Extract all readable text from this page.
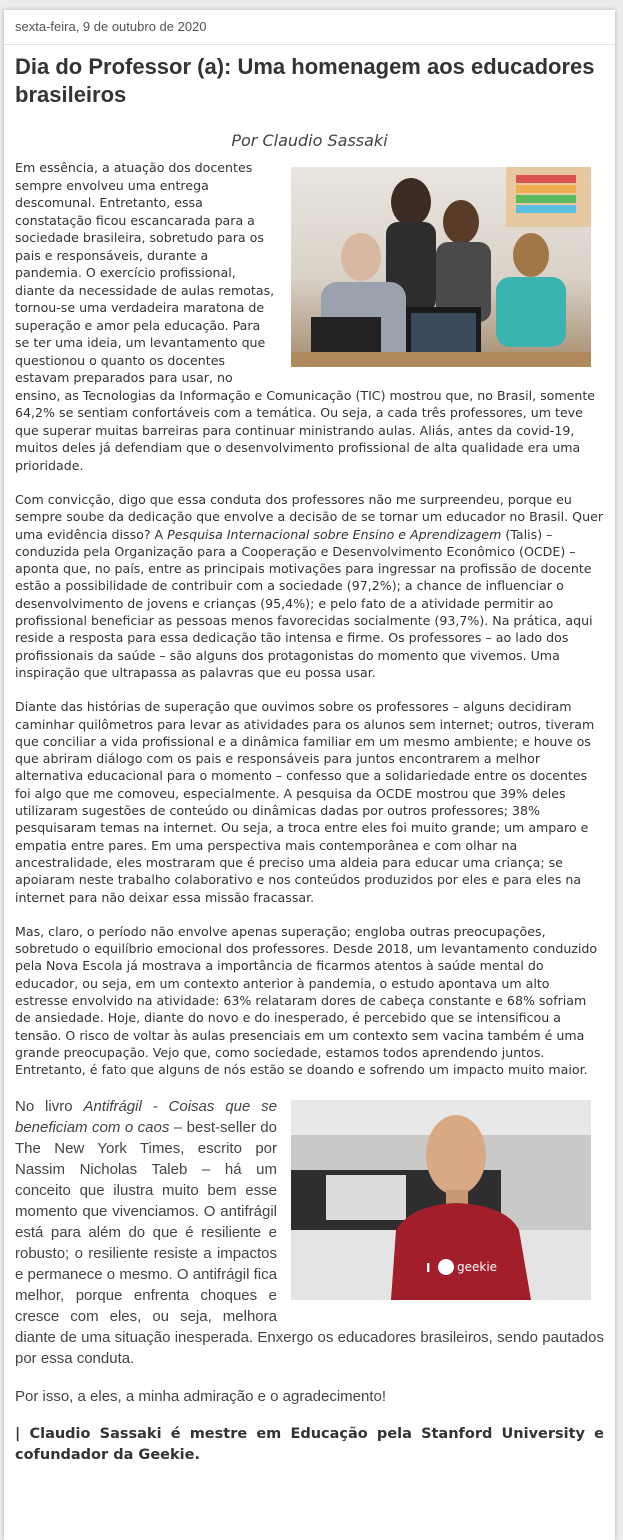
sexta-feira, 9 de outubro de 2020
Dia do Professor (a): Uma homenagem aos educadores brasileiros
Por Claudio Sassaki

Em essência, a atuação dos docentes sempre envolveu uma entrega descomunal. Entretanto, essa constatação ficou escancarada para a sociedade brasileira, sobretudo para os pais e responsáveis, durante a pandemia. O exercício profissional, diante da necessidade de aulas remotas, tornou-se uma verdadeira maratona de superação e amor pela educação. Para se ter uma ideia, um levantamento que questionou o quanto os docentes estavam preparados para usar, no ensino, as Tecnologias da Informação e Comunicação (TIC) mostrou que, no Brasil, somente 64,2% se sentiam confortáveis com a temática. Ou seja, a cada três professores, um teve que superar muitas barreiras para continuar ministrando aulas. Aliás, antes da covid-19, muitos deles já defendiam que o desenvolvimento profissional de alta qualidade era uma prioridade.

Com convicção, digo que essa conduta dos professores não me surpreendeu, porque eu sempre soube da dedicação que envolve a decisão de se tornar um educador no Brasil. Quer uma evidência disso? A Pesquisa Internacional sobre Ensino e Aprendizagem (Talis) – conduzida pela Organização para a Cooperação e Desenvolvimento Econômico (OCDE) – aponta que, no país, entre as principais motivações para ingressar na profissão de docente estão a possibilidade de contribuir com a sociedade (97,2%); a chance de influenciar o desenvolvimento de jovens e crianças (95,4%); e pelo fato de a atividade permitir ao profissional beneficiar as pessoas menos favorecidas socialmente (93,7%). Na prática, aqui reside a resposta para essa dedicação tão intensa e firme. Os professores – ao lado dos profissionais da saúde – são alguns dos protagonistas do momento que vivemos. Uma inspiração que ultrapassa as palavras que eu possa usar.

Diante das histórias de superação que ouvimos sobre os professores – alguns decidiram caminhar quilômetros para levar as atividades para os alunos sem internet; outros, tiveram que conciliar a vida profissional e a dinâmica familiar em um mesmo ambiente; e houve os que abriram diálogo com os pais e responsáveis para juntos encontrarem a melhor alternativa educacional para o momento – confesso que a solidariedade entre os docentes foi algo que me comoveu, especialmente. A pesquisa da OCDE mostrou que 39% deles utilizaram sugestões de conteúdo ou dinâmicas dadas por outros professores; 38% pesquisaram temas na internet. Ou seja, a troca entre eles foi muito grande; um amparo e empatia entre pares. Em uma perspectiva mais contemporânea e com olhar na ancestralidade, eles mostraram que é preciso uma aldeia para educar uma criança; se apoiaram neste trabalho colaborativo e nos conteúdos produzidos por eles e para eles na internet para não deixar essa missão fracassar.

Mas, claro, o período não envolve apenas superação; engloba outras preocupações, sobretudo o equilíbrio emocional dos professores. Desde 2018, um levantamento conduzido pela Nova Escola já mostrava a importância de ficarmos atentos à saúde mental do educador, ou seja, em um contexto anterior à pandemia, o estudo apontava um alto estresse envolvido na atividade: 63% relataram dores de cabeça constante e 68% sofriam de ansiedade. Hoje, diante do novo e do inesperado, é percebido que se intensificou a tensão. O risco de voltar às aulas presenciais em um contexto sem vacina também é uma grande preocupação. Vejo que, como sociedade, estamos todos aprendendo juntos. Entretanto, é fato que alguns de nós estão se doando e sofrendo um impacto muito maior.

I geekie

No livro Antifrágil - Coisas que se beneficiam com o caos – best-seller do The New York Times, escrito por Nassim Nicholas Taleb – há um conceito que ilustra muito bem esse momento que vivenciamos. O antifrágil está para além do que é resiliente e robusto; o resiliente resiste a impactos e permanece o mesmo. O antifrágil fica melhor, porque enfrenta choques e cresce com eles, ou seja, melhora diante de uma situação inesperada. Enxergo os educadores brasileiros, sendo pautados por essa conduta.

Por isso, a eles, a minha admiração e o agradecimento!

| Claudio Sassaki é mestre em Educação pela Stanford University e cofundador da Geekie.
